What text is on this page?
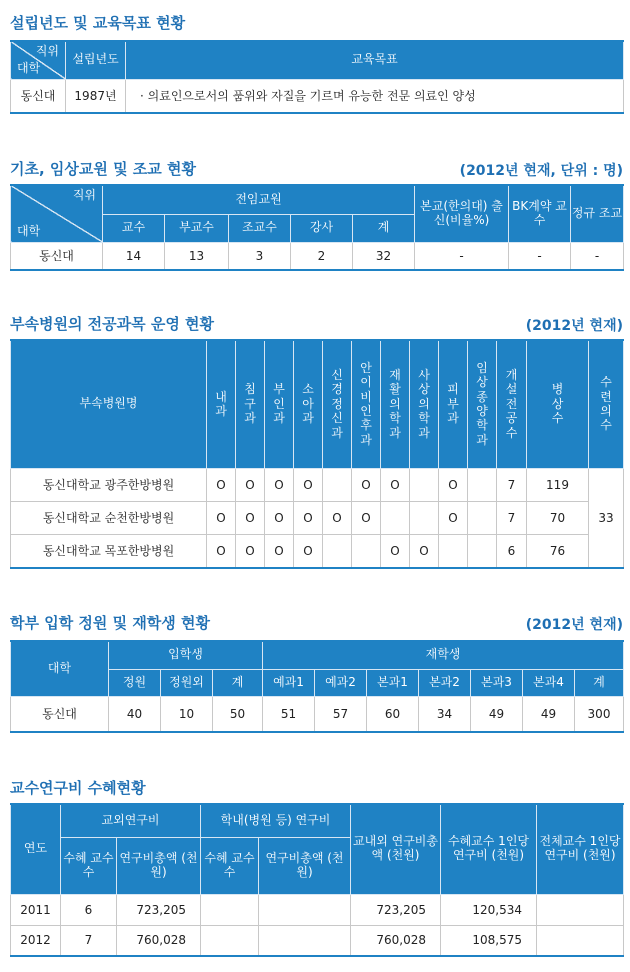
설립년도 및 교육목표 현황
직위
대학	설립년도	교육목표
동신대	1987년	· 의료인으로서의 품위와 자질을 기르며 유능한 전문 의료인 양성
기초, 임상교원 및 조교 현황	(2012년 현재, 단위 : 명)
직위
대학	전임교원					본교(한의대) 출신(비율%)	BK계약 교수	정규 조교
	교수	부교수	조교수	강사	계			
동신대	14	13	3	2	32	-	-	-
부속병원의 전공과목 운영 현황	(2012년 현재)
부속병원명	내과	침구과	부인과	소아과	신경정신과	안이비인후과	재활의학과	사상의학과	피부과	임상종양학과	개설전공수	병상수	수련의수
동신대학교 광주한방병원	O	O	O	O		O	O		O		7	119	33
동신대학교 순천한방병원	O	O	O	O	O	O			O		7	70	
동신대학교 목포한방병원	O	O	O	O			O	O			6	76	
학부 입학 정원 및 재학생 현황	(2012년 현재)
대학	입학생			재학생						
	정원	정원외	계	예과1	예과2	본과1	본과2	본과3	본과4	계
동신대	40	10	50	51	57	60	34	49	49	300
교수연구비 수혜현황
연도	교외연구비		학내(병원 등) 연구비		교내외 연구비총액 (천원)	수혜교수 1인당 연구비 (천원)	전체교수 1인당 연구비 (천원)
	수혜 교수수	연구비총액 (천원)	수혜 교수수	연구비총액 (천원)			
2011	6	723,205			723,205	120,534	
2012	7	760,028			760,028	108,575	
